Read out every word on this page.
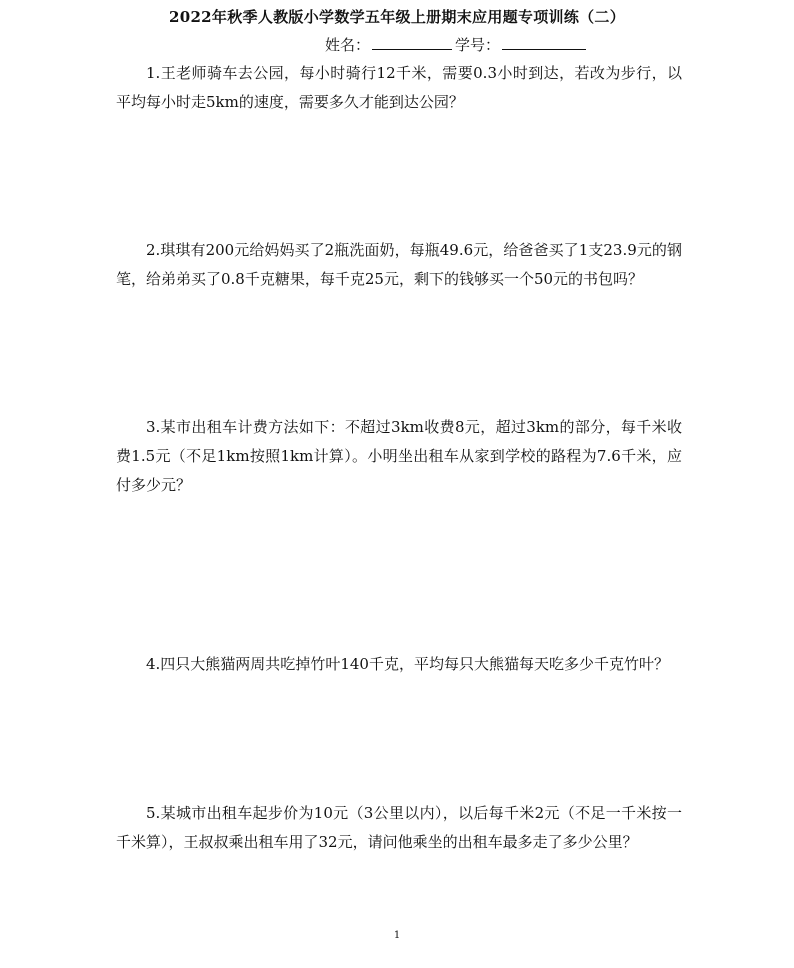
2022年秋季人教版小学数学五年级上册期末应用题专项训练（二）
姓名：	学号：
1.王老师骑车去公园，每小时骑行12千米，需要0.3小时到达，若改为步行，以平均每小时走5km的速度，需要多久才能到达公园？
2.琪琪有200元给妈妈买了2瓶洗面奶，每瓶49.6元，给爸爸买了1支23.9元的钢笔，给弟弟买了0.8千克糖果，每千克25元，剩下的钱够买一个50元的书包吗？
3.某市出租车计费方法如下：不超过3km收费8元，超过3km的部分，每千米收费1.5元（不足1km按照1km计算）。小明坐出租车从家到学校的路程为7.6千米，应付多少元？
4.四只大熊猫两周共吃掉竹叶140千克，平均每只大熊猫每天吃多少千克竹叶？
5.某城市出租车起步价为10元（3公里以内），以后每千米2元（不足一千米按一千米算），王叔叔乘出租车用了32元，请问他乘坐的出租车最多走了多少公里？
1
